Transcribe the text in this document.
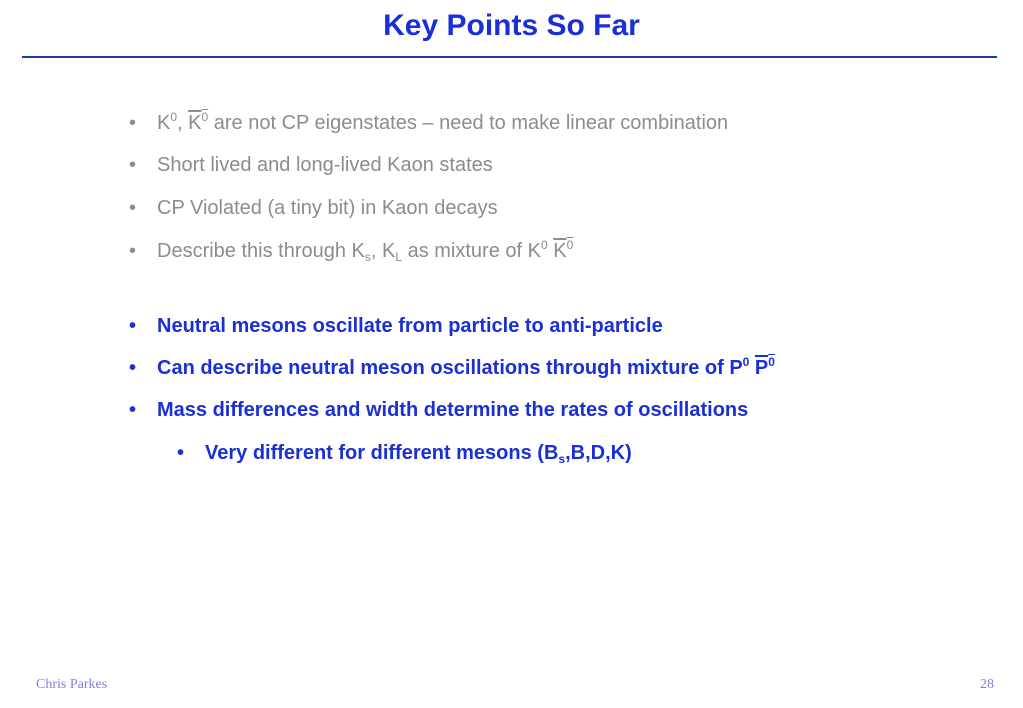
Key Points So Far
• $K^0$, $\overline{K}^0$ are not CP eigenstates – need to make linear combination
• Short lived and long-lived Kaon states
• CP Violated (a tiny bit) in Kaon decays
• Describe this through $K_s$, $K_L$ as mixture of $K^0$ $\overline{K}^0$
• Neutral mesons oscillate from particle to anti-particle
• Can describe neutral meson oscillations through mixture of $P^0$ $\overline{P}^0$
• Mass differences and width determine the rates of oscillations
• Very different for different mesons $(B_s,B,D,K)$
Chris Parkes	28
